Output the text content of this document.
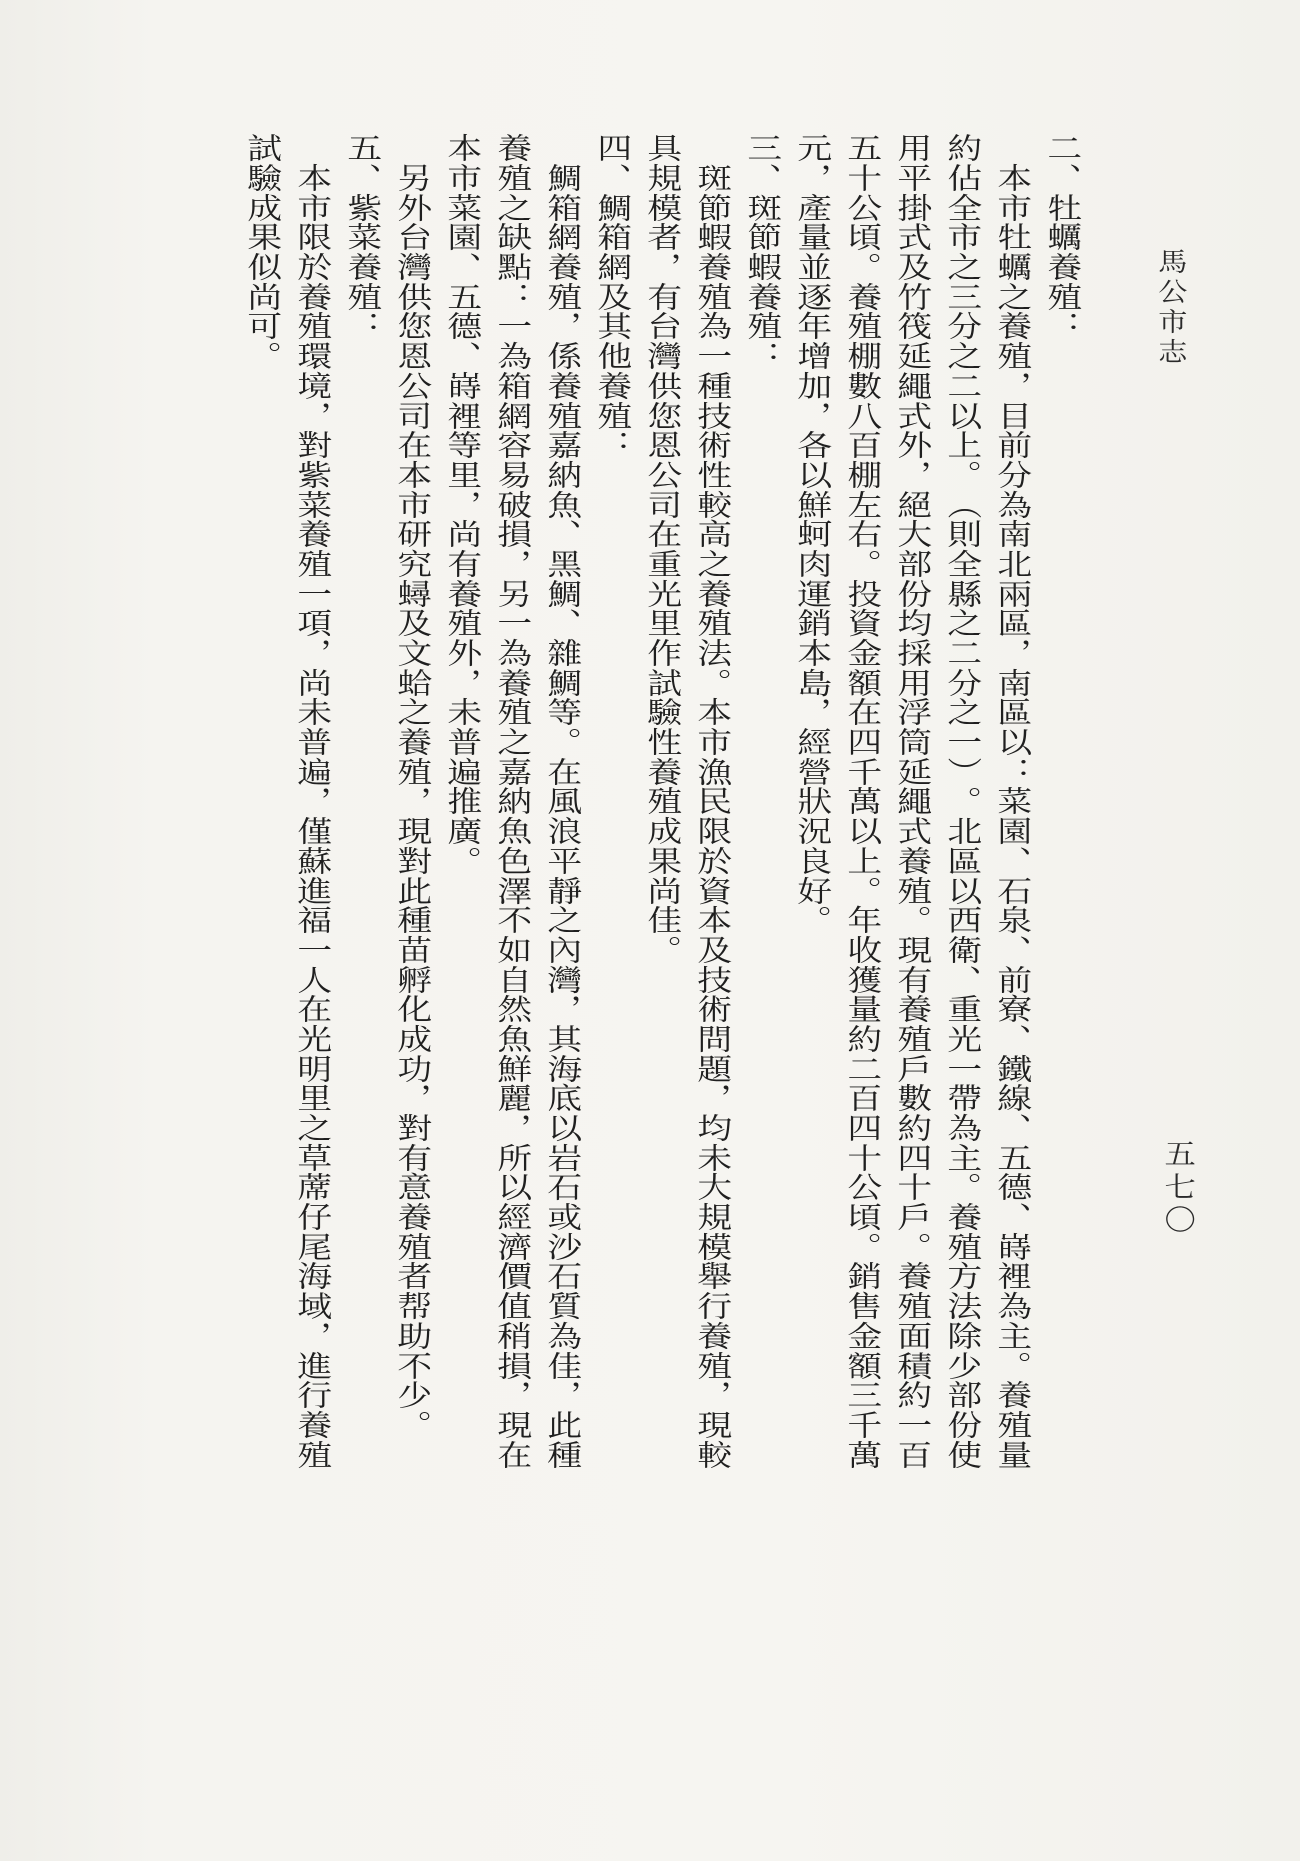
馬
公
市
志
五
七
〇
二
、
牡
蠣
養
殖
：
本
市
牡
蠣
之
養
殖
，
目
前
分
為
南
北
兩
區
，
南
區
以
：
菜
園
、
石
泉
、
前
寮
、
鐵
線
、
五
德
、
嵵
裡
為
主
。
養
殖
量
約
佔
全
市
之
三
分
之
二
以
上
。
（
則
全
縣
之
二
分
之
一
）
。
北
區
以
西
衛
、
重
光
一
帶
為
主
。
養
殖
方
法
除
少
部
份
使
用
平
掛
式
及
竹
筏
延
繩
式
外
，
絕
大
部
份
均
採
用
浮
筒
延
繩
式
養
殖
。
現
有
養
殖
戶
數
約
四
十
戶
。
養
殖
面
積
約
一
百
五
十
公
頃
。
養
殖
棚
數
八
百
棚
左
右
。
投
資
金
額
在
四
千
萬
以
上
。
年
收
獲
量
約
二
百
四
十
公
頃
。
銷
售
金
額
三
千
萬
元
，
產
量
並
逐
年
增
加
，
各
以
鮮
蚵
肉
運
銷
本
島
，
經
營
狀
況
良
好
。
三
、
斑
節
蝦
養
殖
：
斑
節
蝦
養
殖
為
一
種
技
術
性
較
高
之
養
殖
法
。
本
市
漁
民
限
於
資
本
及
技
術
問
題
，
均
未
大
規
模
舉
行
養
殖
，
現
較
具
規
模
者
，
有
台
灣
供
您
恩
公
司
在
重
光
里
作
試
驗
性
養
殖
成
果
尚
佳
。
四
、
鯛
箱
網
及
其
他
養
殖
：
鯛
箱
網
養
殖
，
係
養
殖
嘉
納
魚
、
黑
鯛
、
雜
鯛
等
。
在
風
浪
平
靜
之
內
灣
，
其
海
底
以
岩
石
或
沙
石
質
為
佳
，
此
種
養
殖
之
缺
點
：
一
為
箱
網
容
易
破
損
，
另
一
為
養
殖
之
嘉
納
魚
色
澤
不
如
自
然
魚
鮮
麗
，
所
以
經
濟
價
值
稍
損
，
現
在
本
市
菜
園
、
五
德
、
嵵
裡
等
里
，
尚
有
養
殖
外
，
未
普
遍
推
廣
。
另
外
台
灣
供
您
恩
公
司
在
本
市
研
究
蟳
及
文
蛤
之
養
殖
，
現
對
此
種
苗
孵
化
成
功
，
對
有
意
養
殖
者
帮
助
不
少
。
五
、
紫
菜
養
殖
：
本
市
限
於
養
殖
環
境
，
對
紫
菜
養
殖
一
項
，
尚
未
普
遍
，
僅
蘇
進
福
一
人
在
光
明
里
之
草
蓆
仔
尾
海
域
，
進
行
養
殖
試
驗
成
果
似
尚
可
。
